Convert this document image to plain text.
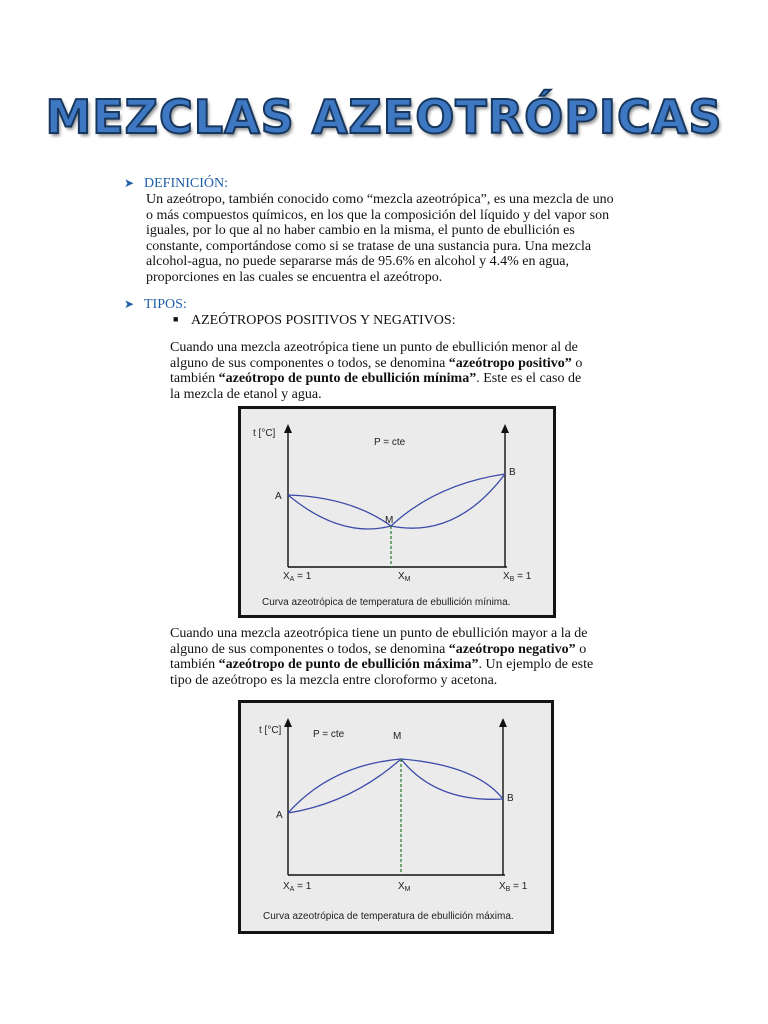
MEZCLAS AZEOTRÓPICAS
➤ DEFINICIÓN:
Un azeótropo, también conocido como “mezcla azeotrópica”, es una mezcla de uno
o más compuestos químicos, en los que la composición del líquido y del vapor son
iguales, por lo que al no haber cambio en la misma, el punto de ebullición es
constante, comportándose como si se tratase de una sustancia pura. Una mezcla
alcohol-agua, no puede separarse más de 95.6% en alcohol y 4.4% en agua,
proporciones en las cuales se encuentra el azeótropo.
➤ TIPOS:
■ AZEÓTROPOS POSITIVOS Y NEGATIVOS:
Cuando una mezcla azeotrópica tiene un punto de ebullición menor al de
alguno de sus componentes o todos, se denomina “azeótropo positivo” o
también “azeótropo de punto de ebullición mínima”. Este es el caso de
la mezcla de etanol y agua.
t [°C]
P = cte
A
B
M
$X_A = 1$	$X_M$	$X_B = 1$
Curva azeotrópica de temperatura de ebullición mínima.
Cuando una mezcla azeotrópica tiene un punto de ebullición mayor a la de
alguno de sus componentes o todos, se denomina “azeótropo negativo” o
también “azeótropo de punto de ebullición máxima”. Un ejemplo de este
tipo de azeótropo es la mezcla entre cloroformo y acetona.
t [°C]	P = cte	M
A
B
$X_A = 1$	$X_M$	$X_B = 1$
Curva azeotrópica de temperatura de ebullición máxima.
